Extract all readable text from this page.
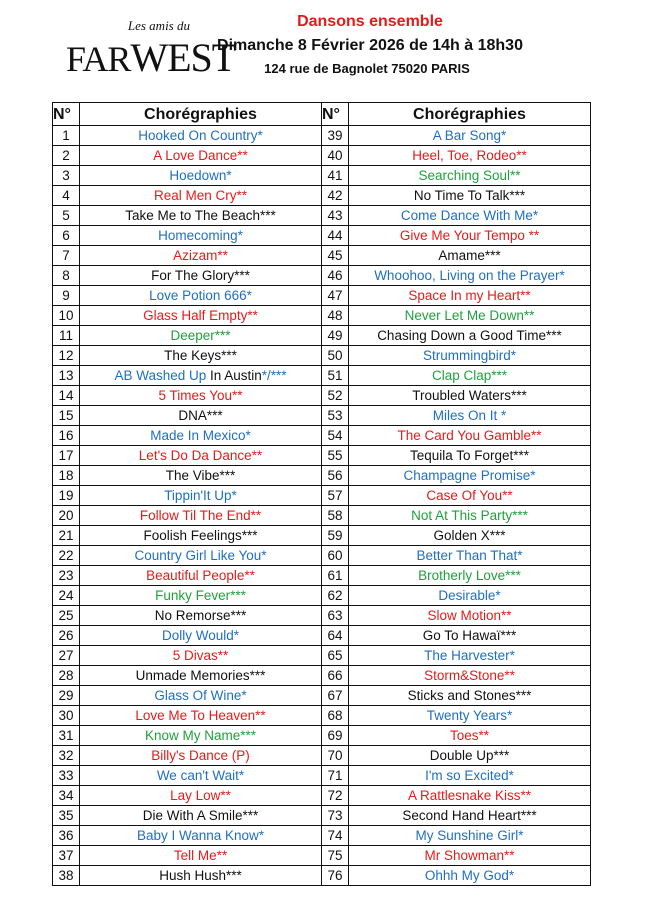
Les amis du
FARWEST
Dansons ensemble
Dimanche 8 Février 2026 de 14h à 18h30
124 rue de Bagnolet 75020 PARIS
N°	Chorégraphies	N°	Chorégraphies
1	Hooked On Country*	39	A Bar Song*
2	A Love Dance**	40	Heel, Toe, Rodeo**
3	Hoedown*	41	Searching Soul**
4	Real Men Cry**	42	No Time To Talk***
5	Take Me to The Beach***	43	Come Dance With Me*
6	Homecoming*	44	Give Me Your Tempo **
7	Azizam**	45	Amame***
8	For The Glory***	46	Whoohoo, Living on the Prayer*
9	Love Potion 666*	47	Space In my Heart**
10	Glass Half Empty**	48	Never Let Me Down**
11	Deeper***	49	Chasing Down a Good Time***
12	The Keys***	50	Strummingbird*
13	AB Washed Up In Austin*/***	51	Clap Clap***
14	5 Times You**	52	Troubled Waters***
15	DNA***	53	Miles On It *
16	Made In Mexico*	54	The Card You Gamble**
17	Let's Do Da Dance**	55	Tequila To Forget***
18	The Vibe***	56	Champagne Promise*
19	Tippin'It Up*	57	Case Of You**
20	Follow Til The End**	58	Not At This Party***
21	Foolish Feelings***	59	Golden X***
22	Country Girl Like You*	60	Better Than That*
23	Beautiful People**	61	Brotherly Love***
24	Funky Fever***	62	Desirable*
25	No Remorse***	63	Slow Motion**
26	Dolly Would*	64	Go To Hawaï***
27	5 Divas**	65	The Harvester*
28	Unmade Memories***	66	Storm&Stone**
29	Glass Of Wine*	67	Sticks and Stones***
30	Love Me To Heaven**	68	Twenty Years*
31	Know My Name***	69	Toes**
32	Billy's Dance (P)	70	Double Up***
33	We can't Wait*	71	I'm so Excited*
34	Lay Low**	72	A Rattlesnake Kiss**
35	Die With A Smile***	73	Second Hand Heart***
36	Baby I Wanna Know*	74	My Sunshine Girl*
37	Tell Me**	75	Mr Showman**
38	Hush Hush***	76	Ohhh My God*
